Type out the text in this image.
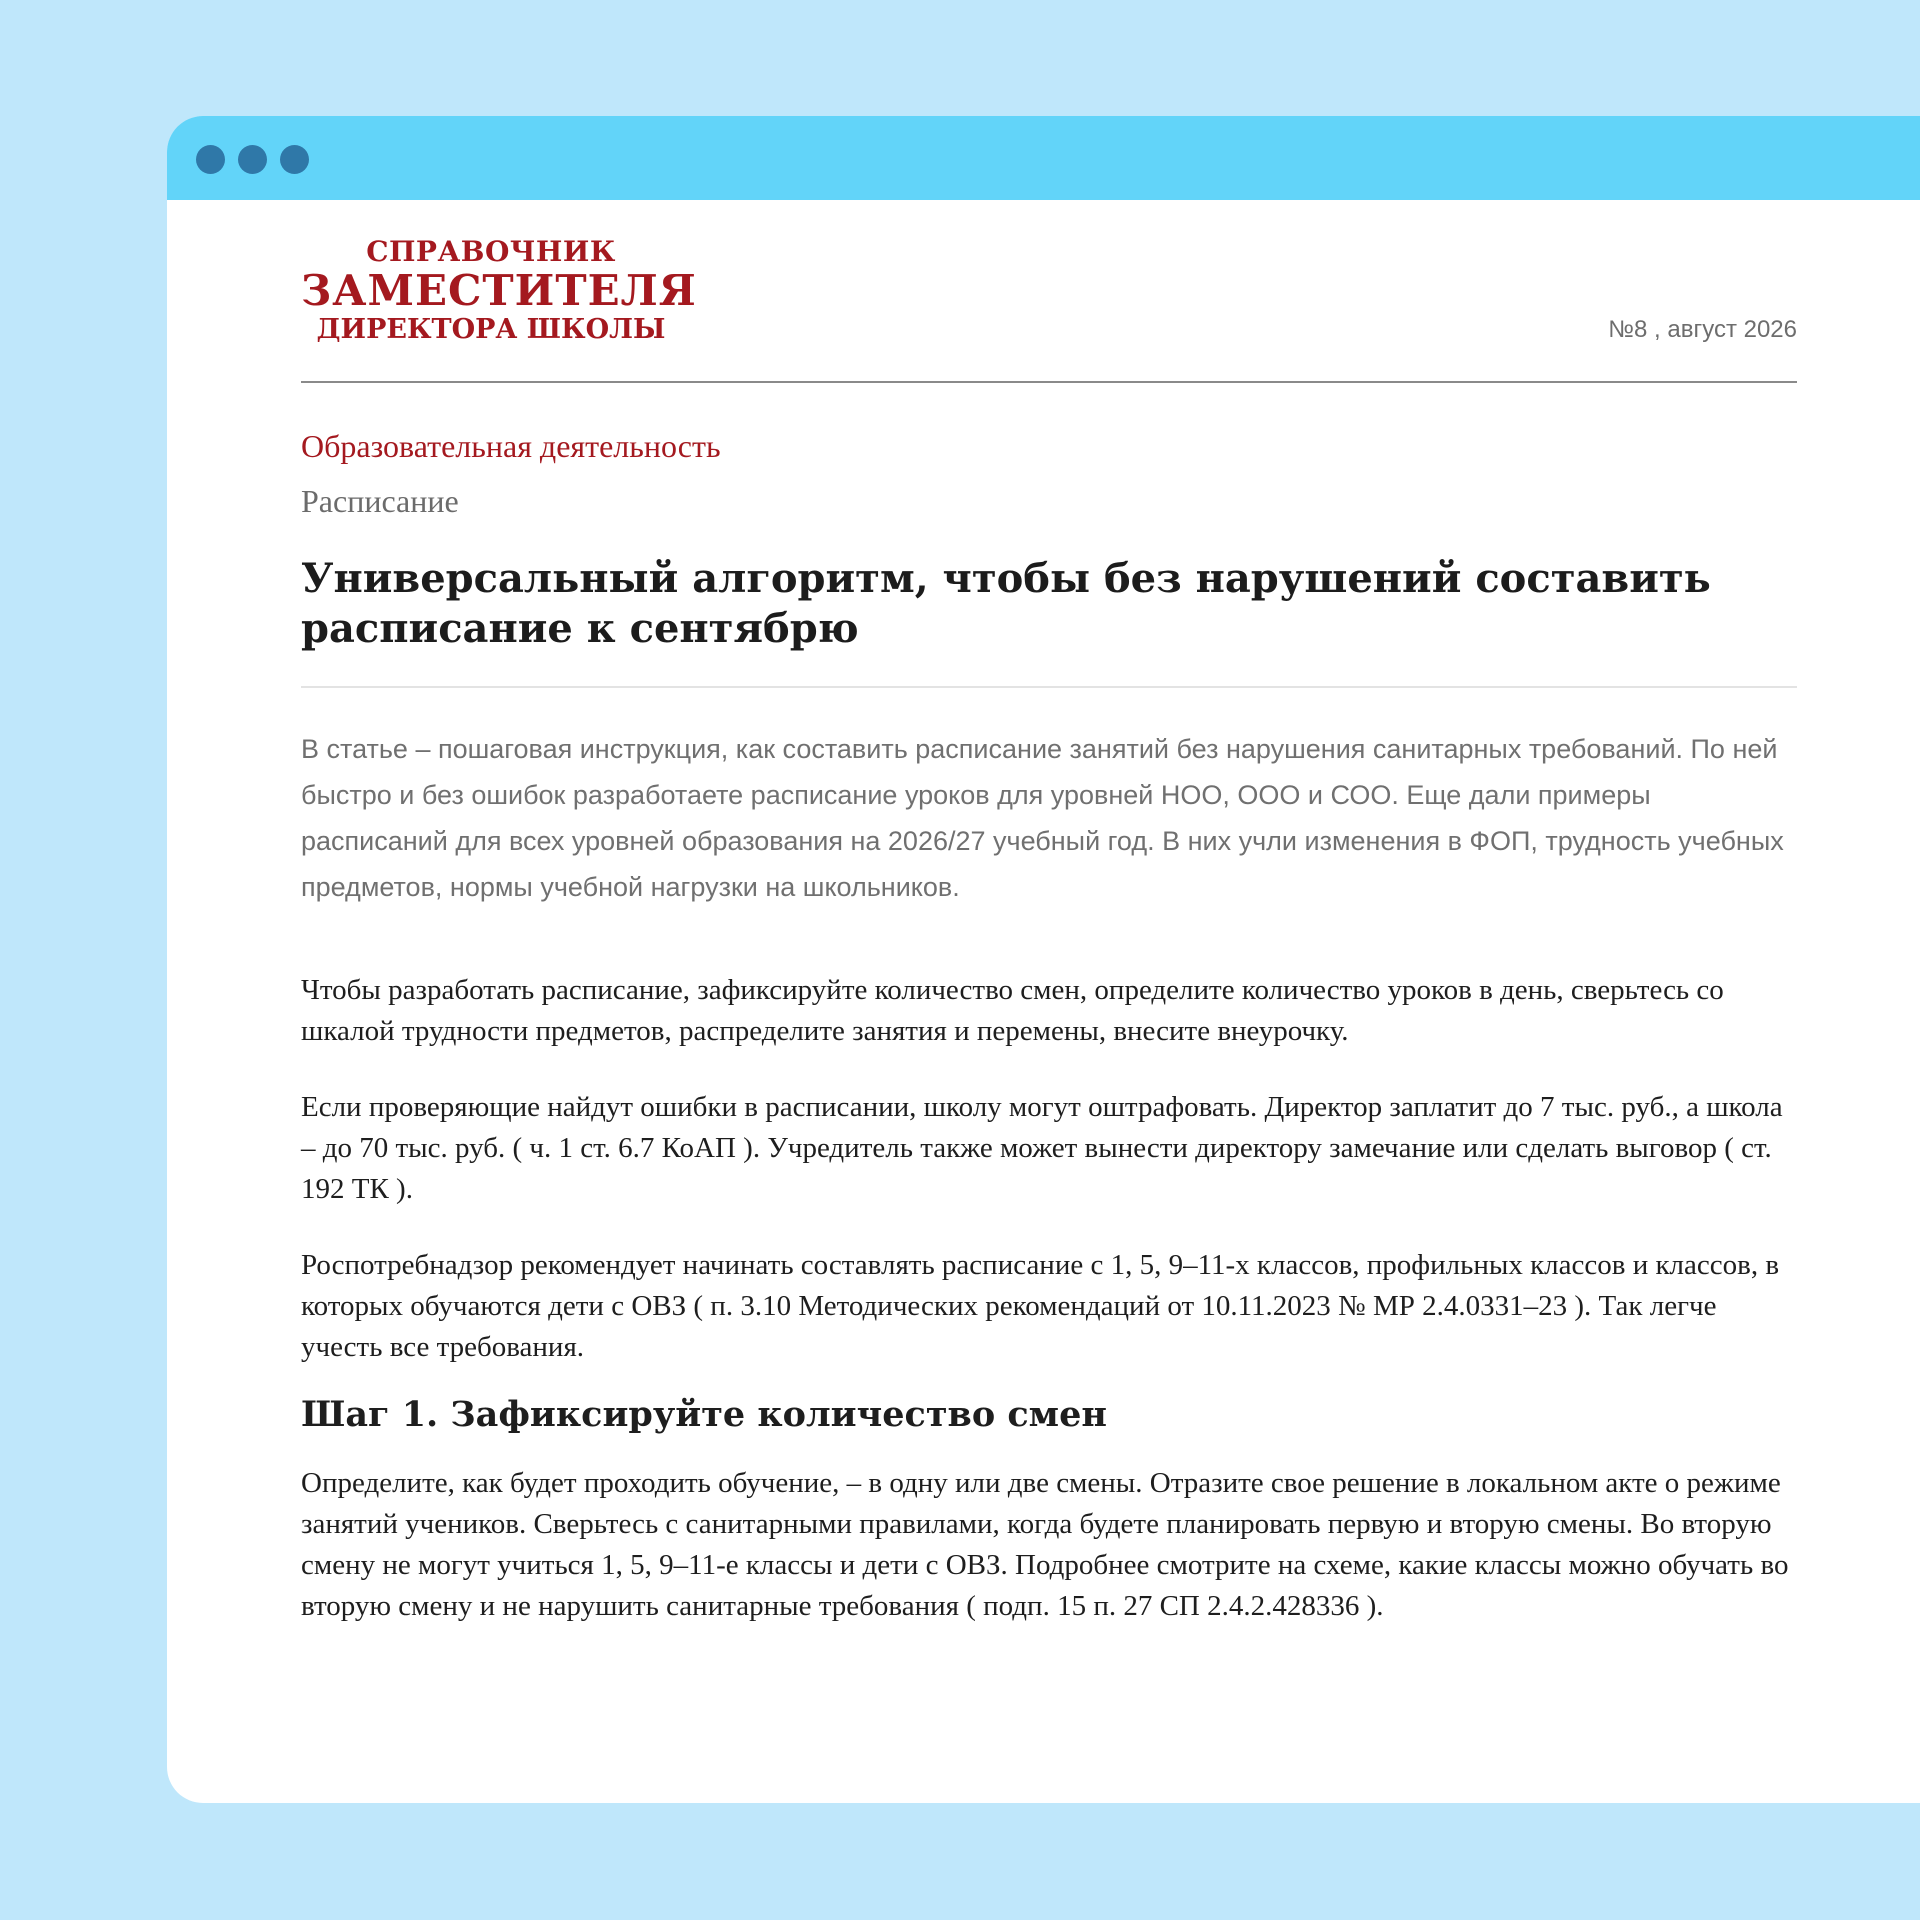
СПРАВОЧНИК
ЗАМЕСТИТЕЛЯ
ДИРЕКТОРА ШКОЛЫ	№8 , август 2026
Образовательная деятельность
Расписание
Универсальный алгоритм, чтобы без нарушений составить расписание к сентябрю
В статье – пошаговая инструкция, как составить расписание занятий без нарушения санитарных требований. По ней быстро и без ошибок разработаете расписание уроков для уровней НОО, ООО и СОО. Еще дали примеры расписаний для всех уровней образования на 2026/27 учебный год. В них учли изменения в ФОП, трудность учебных предметов, нормы учебной нагрузки на школьников.

Чтобы разработать расписание, зафиксируйте количество смен, определите количество уроков в день, сверьтесь со шкалой трудности предметов, распределите занятия и перемены, внесите внеурочку.

Если проверяющие найдут ошибки в расписании, школу могут оштрафовать. Директор заплатит до 7 тыс. руб., а школа – до 70 тыс. руб. ( ч. 1 ст. 6.7 КоАП ). Учредитель также может вынести директору замечание или сделать выговор ( ст. 192 ТК ).

Роспотребнадзор рекомендует начинать составлять расписание с 1, 5, 9–11-х классов, профильных классов и классов, в которых обучаются дети с ОВЗ ( п. 3.10 Методических рекомендаций от 10.11.2023 № МР 2.4.0331–23 ). Так легче учесть все требования.

Шаг 1. Зафиксируйте количество смен

Определите, как будет проходить обучение, – в одну или две смены. Отразите свое решение в локальном акте о режиме занятий учеников. Сверьтесь с санитарными правилами, когда будете планировать первую и вторую смены. Во вторую смену не могут учиться 1, 5, 9–11-е классы и дети с ОВЗ. Подробнее смотрите на схеме, какие классы можно обучать во вторую смену и не нарушить санитарные требования ( подп. 15 п. 27 СП 2.4.2.428336 ).
